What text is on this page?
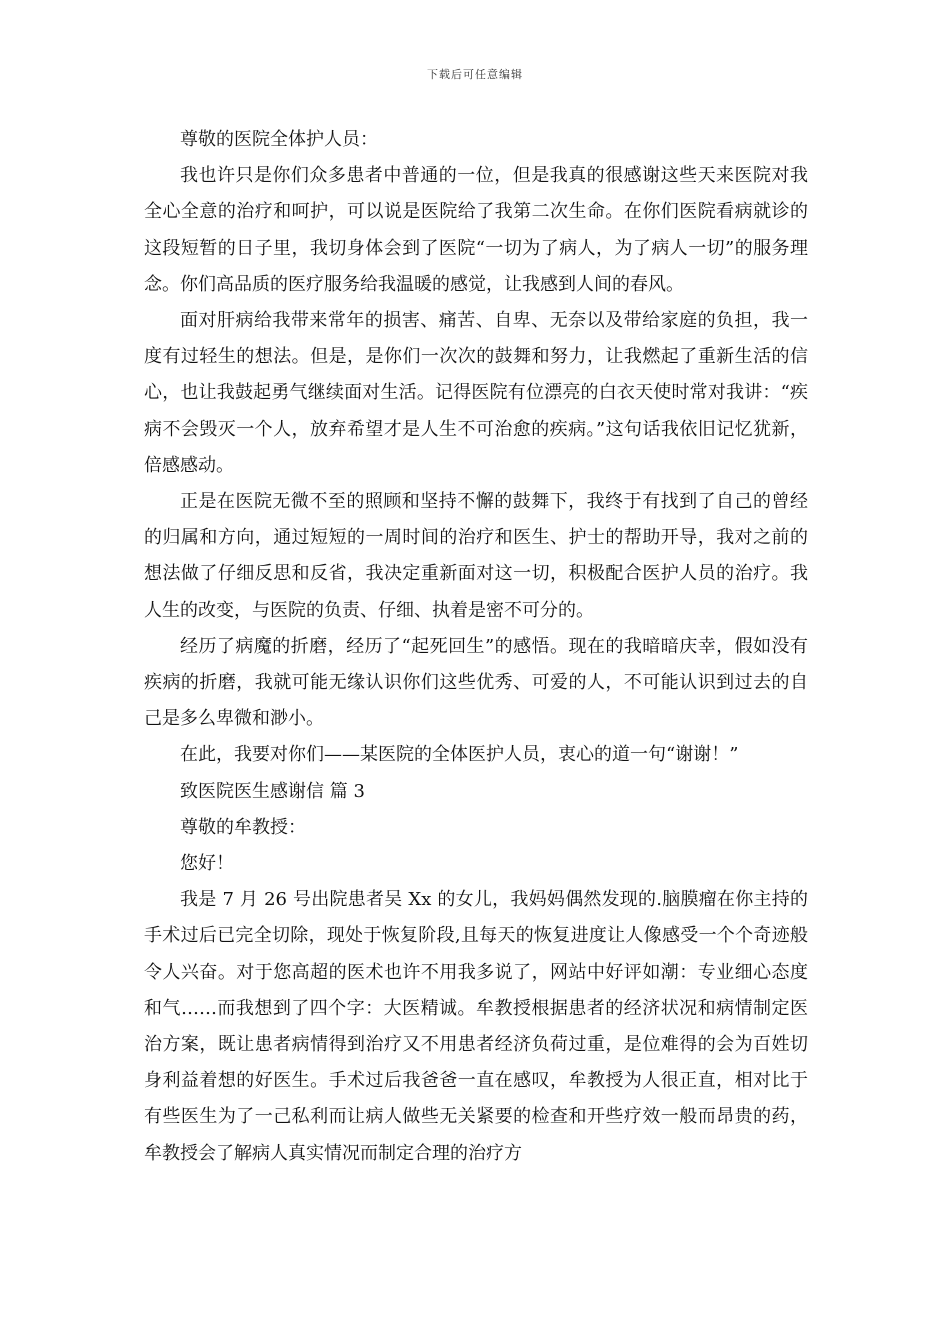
下载后可任意编辑

尊敬的医院全体护人员：

我也许只是你们众多患者中普通的一位，但是我真的很感谢这些天来医院对我全心全意的治疗和呵护，可以说是医院给了我第二次生命。在你们医院看病就诊的这段短暂的日子里，我切身体会到了医院“一切为了病人，为了病人一切”的服务理念。你们高品质的医疗服务给我温暖的感觉，让我感到人间的春风。

面对肝病给我带来常年的损害、痛苦、自卑、无奈以及带给家庭的负担，我一度有过轻生的想法。但是，是你们一次次的鼓舞和努力，让我燃起了重新生活的信心，也让我鼓起勇气继续面对生活。记得医院有位漂亮的白衣天使时常对我讲：“疾病不会毁灭一个人，放弃希望才是人生不可治愈的疾病。”这句话我依旧记忆犹新，倍感感动。

正是在医院无微不至的照顾和坚持不懈的鼓舞下，我终于有找到了自己的曾经的归属和方向，通过短短的一周时间的治疗和医生、护士的帮助开导，我对之前的想法做了仔细反思和反省，我决定重新面对这一切，积极配合医护人员的治疗。我人生的改变，与医院的负责、仔细、执着是密不可分的。

经历了病魔的折磨，经历了“起死回生”的感悟。现在的我暗暗庆幸，假如没有疾病的折磨，我就可能无缘认识你们这些优秀、可爱的人，不可能认识到过去的自己是多么卑微和渺小。

在此，我要对你们——某医院的全体医护人员，衷心的道一句“谢谢！”

致医院医生感谢信 篇 3

尊敬的牟教授：

您好！

我是 7 月 26 号出院患者吴 Xx 的女儿，我妈妈偶然发现的.脑膜瘤在你主持的手术过后已完全切除，现处于恢复阶段,且每天的恢复进度让人像感受一个个奇迹般令人兴奋。对于您高超的医术也许不用我多说了，网站中好评如潮：专业细心态度和气……而我想到了四个字：大医精诚。牟教授根据患者的经济状况和病情制定医治方案，既让患者病情得到治疗又不用患者经济负荷过重，是位难得的会为百姓切身利益着想的好医生。手术过后我爸爸一直在感叹，牟教授为人很正直，相对比于有些医生为了一己私利而让病人做些无关紧要的检查和开些疗效一般而昂贵的药，牟教授会了解病人真实情况而制定合理的治疗方
